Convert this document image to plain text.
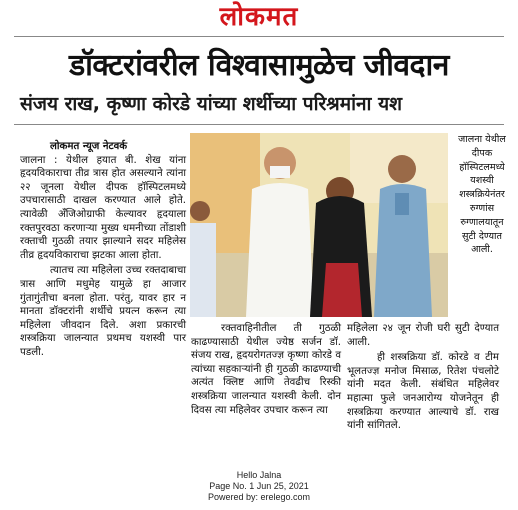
लोकमत
डॉक्टरांवरील विश्वासामुळेच जीवदान
संजय राख, कृष्णा कोरडे यांच्या शर्थीच्या परिश्रमांना यश

लोकमत न्यूज नेटवर्क

जालना : येथील हयात बी. शेख यांना हृदयविकाराचा तीव्र त्रास होत असल्याने त्यांना २२ जूनला येथील दीपक हॉस्पिटलमध्ये उपचारासाठी दाखल करण्यात आले होते. त्यावेळी ॲंजिओग्राफी केल्यावर हृदयाला रक्तपुरवठा करणाऱ्या मुख्य धमनीच्या तोंडाशी रक्ताची गुठळी तयार झाल्याने सदर महिलेस तीव्र हृदयविकाराचा झटका आला होता.

त्यातच त्या महिलेला उच्च रक्तदाबाचा त्रास आणि मधुमेह यामुळे हा आजार गुंतागुंतीचा बनला होता. परंतु, यावर हार न मानता डॉक्टरांनी शर्थीचे प्रयत्न करून त्या महिलेला जीवदान दिले. अशा प्रकारची शस्त्रक्रिया जालन्यात प्रथमच यशस्वी पार पडली.

जालना येथील दीपक हॉस्पिटलमध्ये यशस्वी शस्त्रक्रियेनंतर रुग्णांस रुग्णालयातून सुटी देण्यात आली.

रक्तवाहिनीतील ती गुठळी काढण्यासाठी येथील ज्येष्ठ सर्जन डॉ. संजय राख, हृदयरोगतज्ज्ञ कृष्णा कोरडे व त्यांच्या सहकाऱ्यांनी ही गुठळी काढण्याची अत्यंत क्लिष्ट आणि तेवढीच रिस्की शस्त्रक्रिया जालन्यात यशस्वी केली. दोन दिवस त्या महिलेवर उपचार करून त्या

महिलेला २४ जून रोजी घरी सुटी देण्यात आली.

ही शस्त्रक्रिया डॉ. कोरडे व टीम भूलतज्ज्ञ मनोज मिसाळ, रितेश पंचलोटे यांनी मदत केली. संबंधित महिलेवर महात्मा फुले जनआरोग्य योजनेतून ही शस्त्रक्रिया करण्यात आल्याचे डॉ. राख यांनी सांगितले.

Hello Jalna
Page No. 1 Jun 25, 2021
Powered by: erelego.com
